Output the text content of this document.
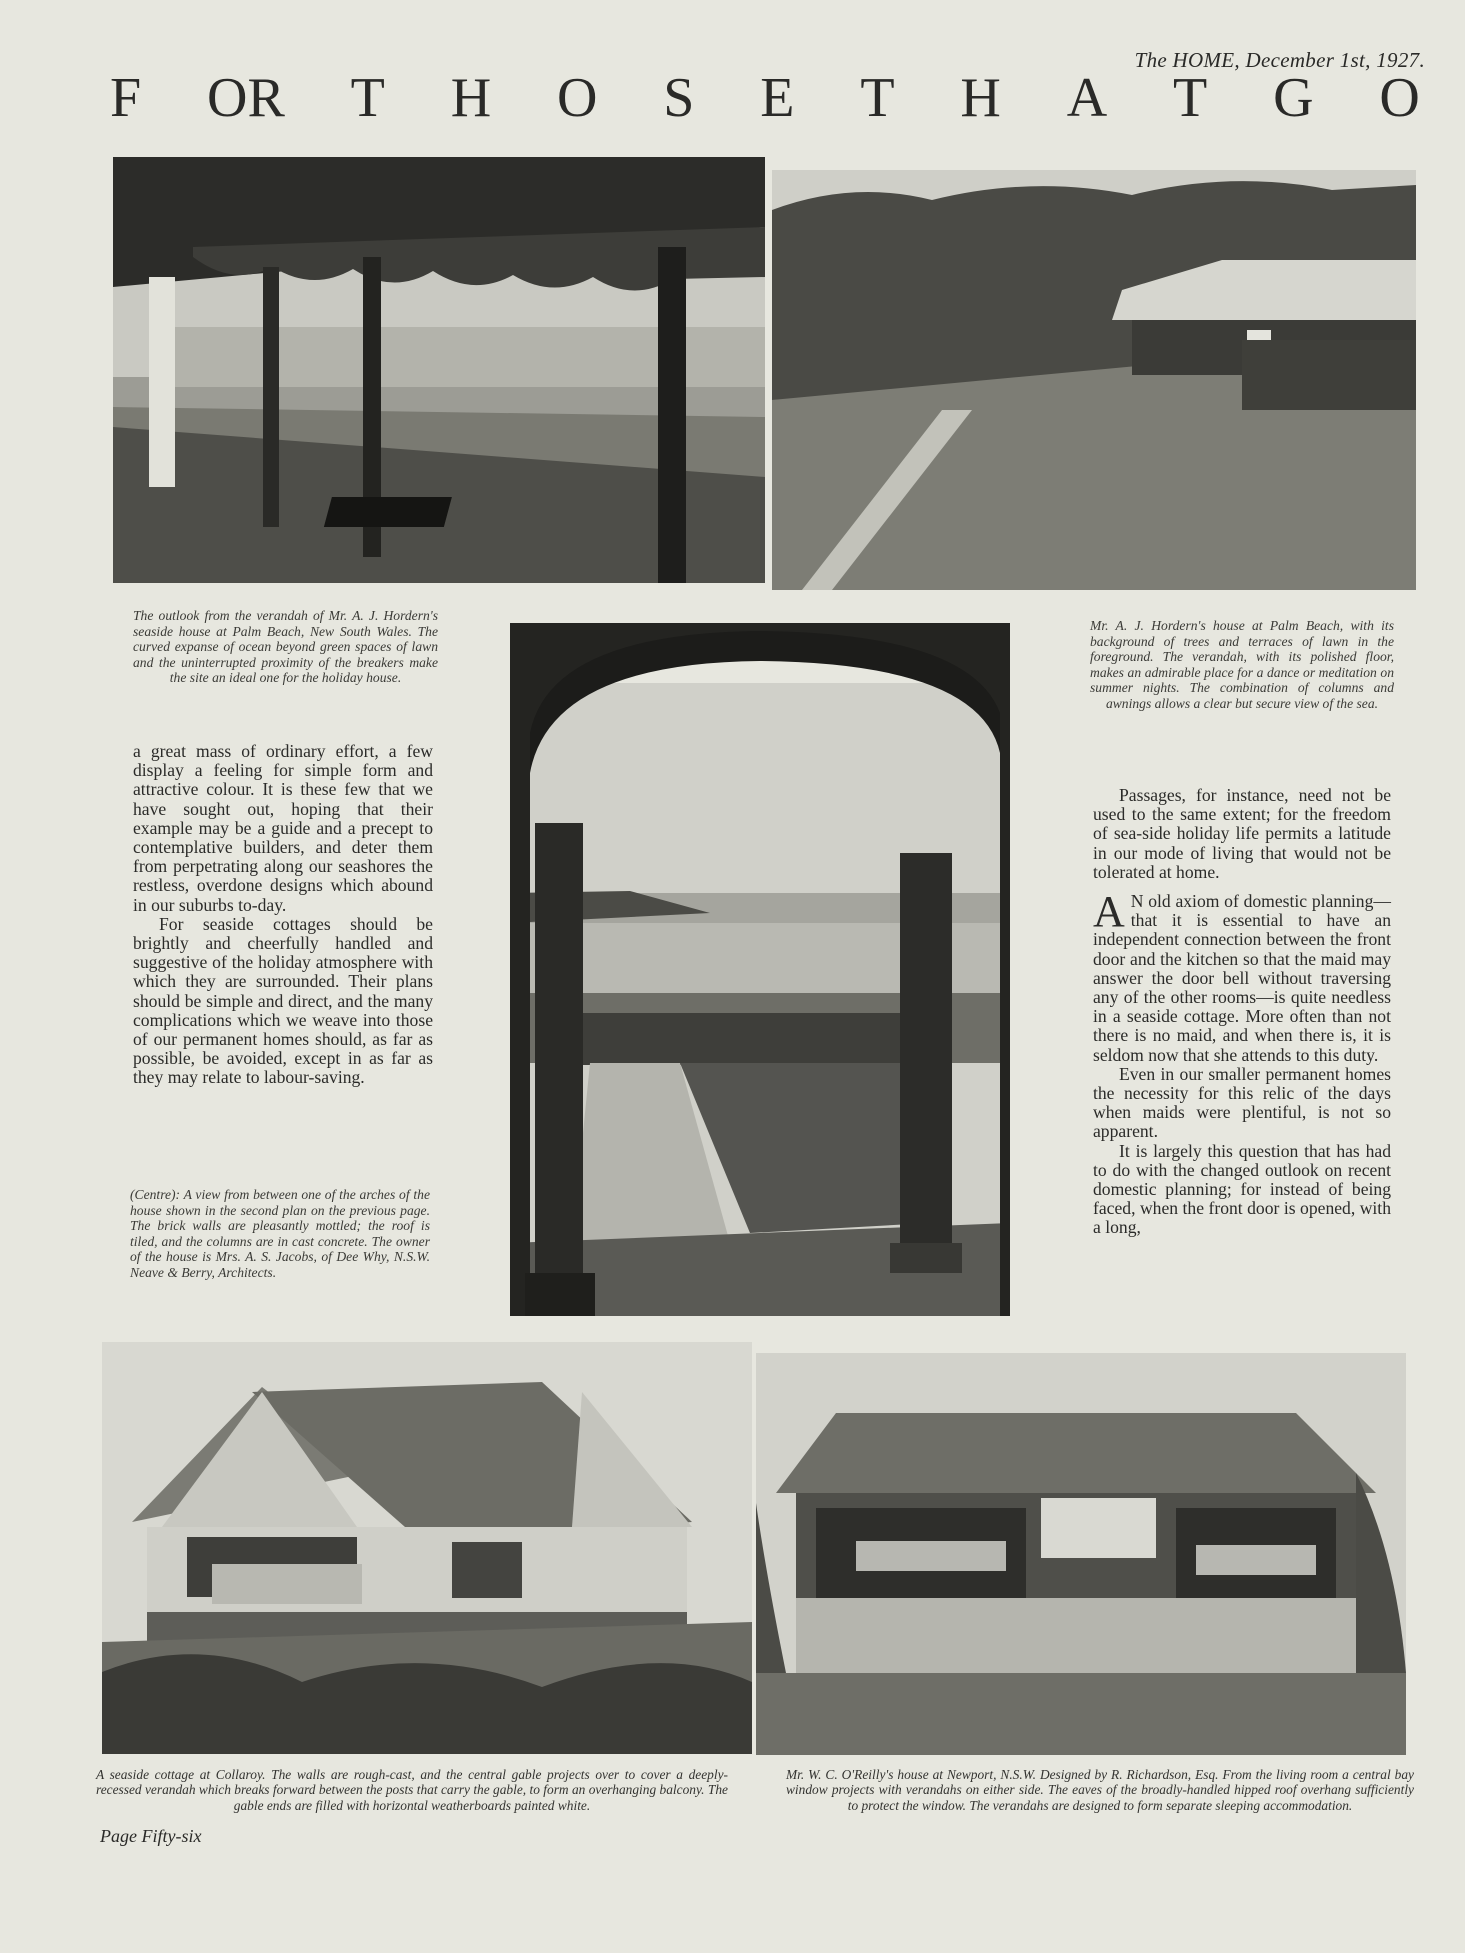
The HOME, December 1st, 1927.
F OR T H O S E T H A T G O
The outlook from the verandah of Mr. A. J. Hordern's seaside house at Palm Beach, New South Wales. The curved expanse of ocean beyond green spaces of lawn and the uninterrupted proximity of the breakers make the site an ideal one for the holiday house.
Mr. A. J. Hordern's house at Palm Beach, with its background of trees and terraces of lawn in the foreground. The verandah, with its polished floor, makes an admirable place for a dance or meditation on summer nights. The combination of columns and awnings allows a clear but secure view of the sea.

a great mass of ordinary effort, a few display a feeling for simple form and attractive colour. It is these few that we have sought out, hoping that their example may be a guide and a precept to contemplative builders, and deter them from perpetrating along our seashores the restless, overdone designs which abound in our suburbs to-day.

For seaside cottages should be brightly and cheerfully handled and suggestive of the holiday atmosphere with which they are surrounded. Their plans should be simple and direct, and the many complications which we weave into those of our permanent homes should, as far as possible, be avoided, except in as far as they may relate to labour-saving.

(Centre): A view from between one of the arches of the house shown in the second plan on the previous page. The brick walls are pleasantly mottled; the roof is tiled, and the columns are in cast concrete. The owner of the house is Mrs. A. S. Jacobs, of Dee Why, N.S.W. Neave & Berry, Architects.

Passages, for instance, need not be used to the same extent; for the freedom of sea-side holiday life permits a latitude in our mode of living that would not be tolerated at home.

A N old axiom of domestic planning—that it is essential to have an independent connection between the front door and the kitchen so that the maid may answer the door bell without traversing any of the other rooms—is quite needless in a seaside cottage. More often than not there is no maid, and when there is, it is seldom now that she attends to this duty.

Even in our smaller permanent homes the necessity for this relic of the days when maids were plentiful, is not so apparent.

It is largely this question that has had to do with the changed outlook on recent domestic planning; for instead of being faced, when the front door is opened, with a long,

A seaside cottage at Collaroy. The walls are rough-cast, and the central gable projects over to cover a deeply-recessed verandah which breaks forward between the posts that carry the gable, to form an overhanging balcony. The gable ends are filled with horizontal weatherboards painted white.
Mr. W. C. O'Reilly's house at Newport, N.S.W. Designed by R. Richardson, Esq. From the living room a central bay window projects with verandahs on either side. The eaves of the broadly-handled hipped roof overhang sufficiently to protect the window. The verandahs are designed to form separate sleeping accommodation.
Page Fifty-six
